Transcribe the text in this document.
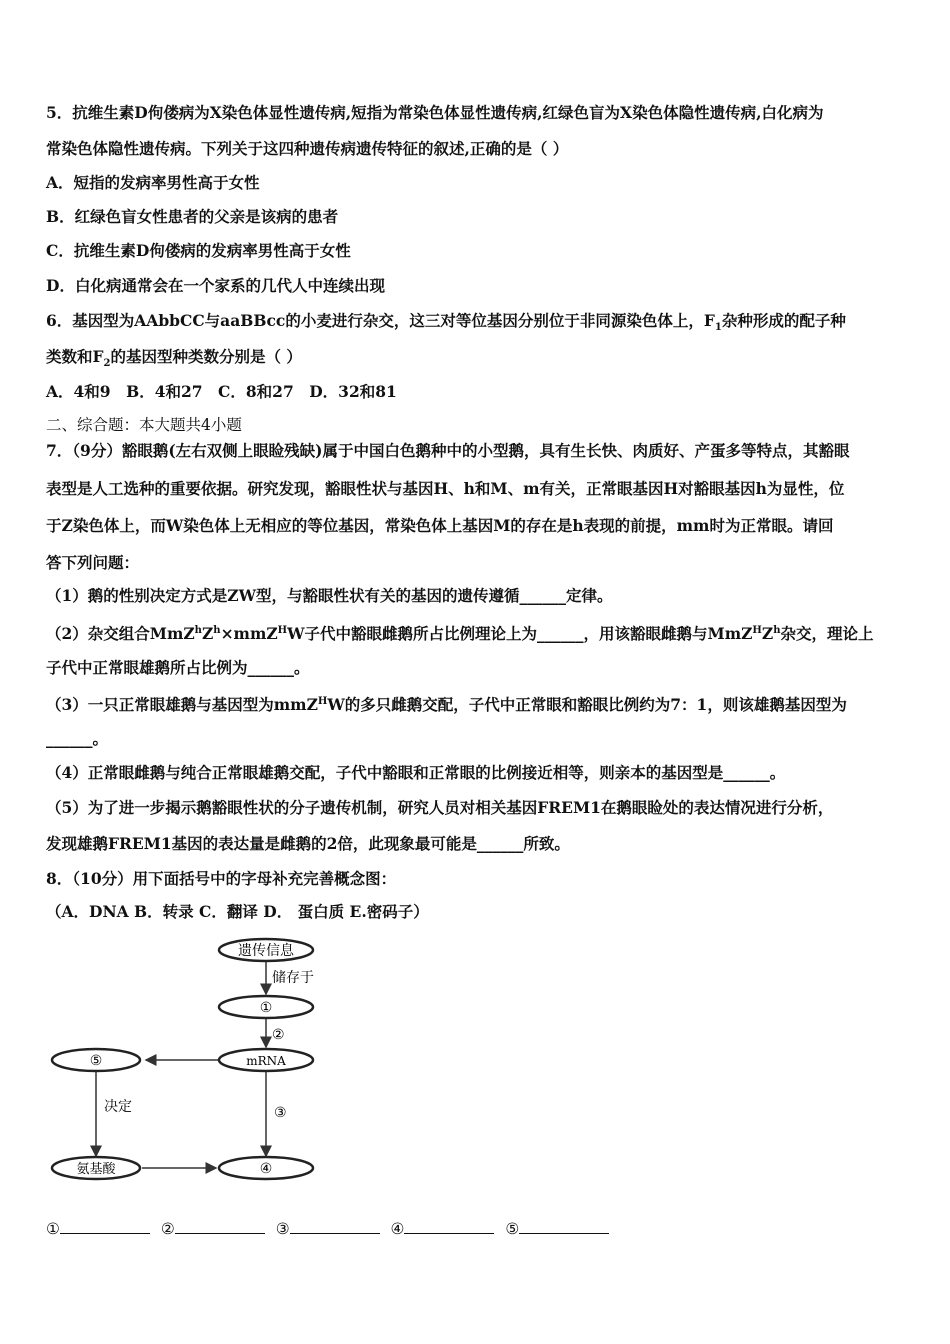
5．抗维生素D佝偻病为X染色体显性遗传病,短指为常染色体显性遗传病,红绿色盲为X染色体隐性遗传病,白化病为
常染色体隐性遗传病。下列关于这四种遗传病遗传特征的叙述,正确的是（ ）
A．短指的发病率男性高于女性
B．红绿色盲女性患者的父亲是该病的患者
C．抗维生素D佝偻病的发病率男性高于女性
D．白化病通常会在一个家系的几代人中连续出现
6．基因型为AAbbCC与aaBBcc的小麦进行杂交，这三对等位基因分别位于非同源染色体上，$F_1$杂种形成的配子种
类数和$F_2$的基因型种类数分别是（ ）
A．4和9　B．4和27　C．8和27　D．32和81
二、综合题：本大题共4小题
7．（9分）豁眼鹅(左右双侧上眼睑残缺)属于中国白色鹅种中的小型鹅，具有生长快、肉质好、产蛋多等特点，其豁眼
表型是人工选种的重要依据。研究发现，豁眼性状与基因H、h和M、m有关，正常眼基因H对豁眼基因h为显性，位
于Z染色体上，而W染色体上无相应的等位基因，常染色体上基因M的存在是h表现的前提，mm时为正常眼。请回
答下列问题：
（1）鹅的性别决定方式是ZW型，与豁眼性状有关的基因的遗传遵循______定律。
（2）杂交组合$MmZ^hZ^h\times mmZ^HW$子代中豁眼雌鹅所占比例理论上为______，用该豁眼雌鹅与$MmZ^HZ^h$杂交，理论上
子代中正常眼雄鹅所占比例为______。
（3）一只正常眼雄鹅与基因型为mmZ$^H$W的多只雌鹅交配，子代中正常眼和豁眼比例约为7：1，则该雄鹅基因型为
______。
（4）正常眼雌鹅与纯合正常眼雄鹅交配，子代中豁眼和正常眼的比例接近相等，则亲本的基因型是______。
（5）为了进一步揭示鹅豁眼性状的分子遗传机制，研究人员对相关基因FREM1在鹅眼睑处的表达情况进行分析，
发现雄鹅FREM1基因的表达量是雌鹅的2倍，此现象最可能是______所致。
8．（10分）用下面括号中的字母补充完善概念图：
（A．DNA B．转录 C．翻译 D． 蛋白质 E.密码子）
遗传信息
储存于
①
②
mRNA
⑤
决定	③
氨基酸	④
①	②	③	④	⑤
